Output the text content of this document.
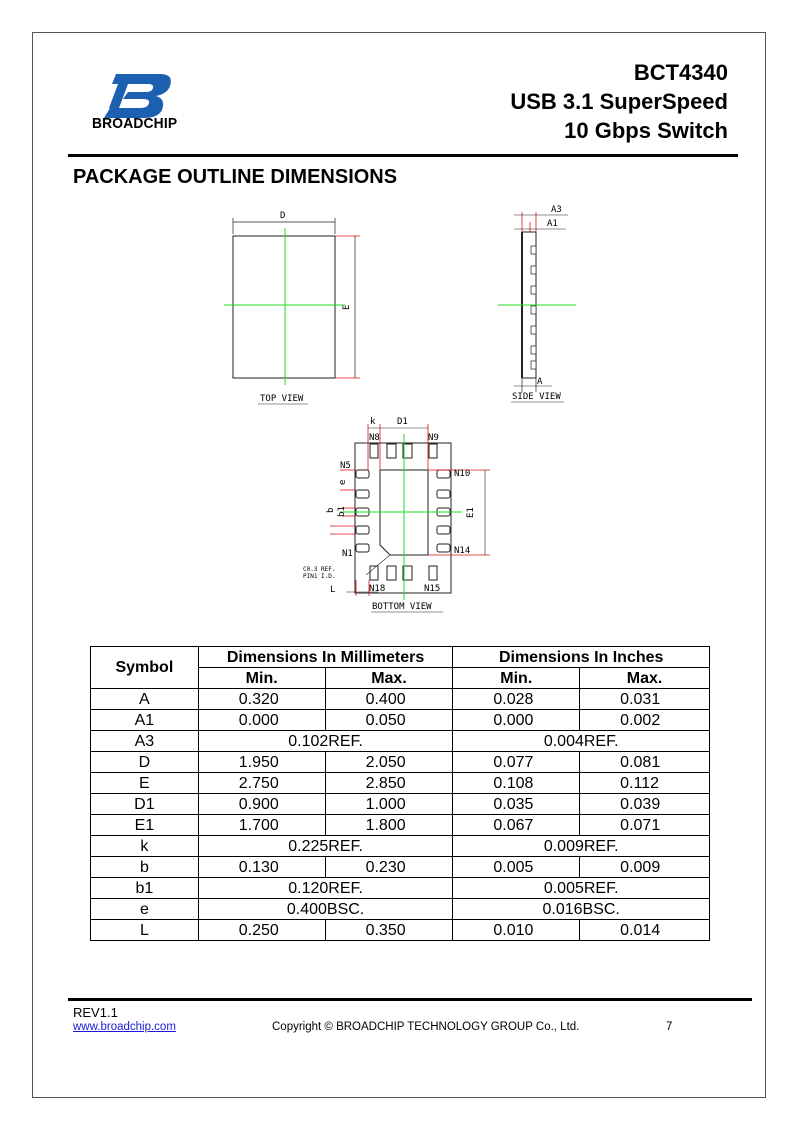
BROADCHIP
BCT4340
USB 3.1 SuperSpeed
10 Gbps Switch
PACKAGE OUTLINE DIMENSIONS
D
E
TOP VIEW
A3
A1
A
SIDE VIEW
k D1
N8	N9
N5
N10
e
E1
b b1
N1	N14
C0.3 REF.
PIN1 I.D.
N18	N15
L
BOTTOM VIEW
Symbol	Dimensions In Millimeters		Dimensions In Inches	
	Min.	Max.	Min.	Max.
A	0.320	0.400	0.028	0.031
A1	0.000	0.050	0.000	0.002
A3	0.102REF.		0.004REF.	
D	1.950	2.050	0.077	0.081
E	2.750	2.850	0.108	0.112
D1	0.900	1.000	0.035	0.039
E1	1.700	1.800	0.067	0.071
k	0.225REF.		0.009REF.	
b	0.130	0.230	0.005	0.009
b1	0.120REF.		0.005REF.	
e	0.400BSC.		0.016BSC.	
L	0.250	0.350	0.010	0.014
REV1.1
www.broadchip.com	Copyright © BROADCHIP TECHNOLOGY GROUP Co., Ltd.	7
